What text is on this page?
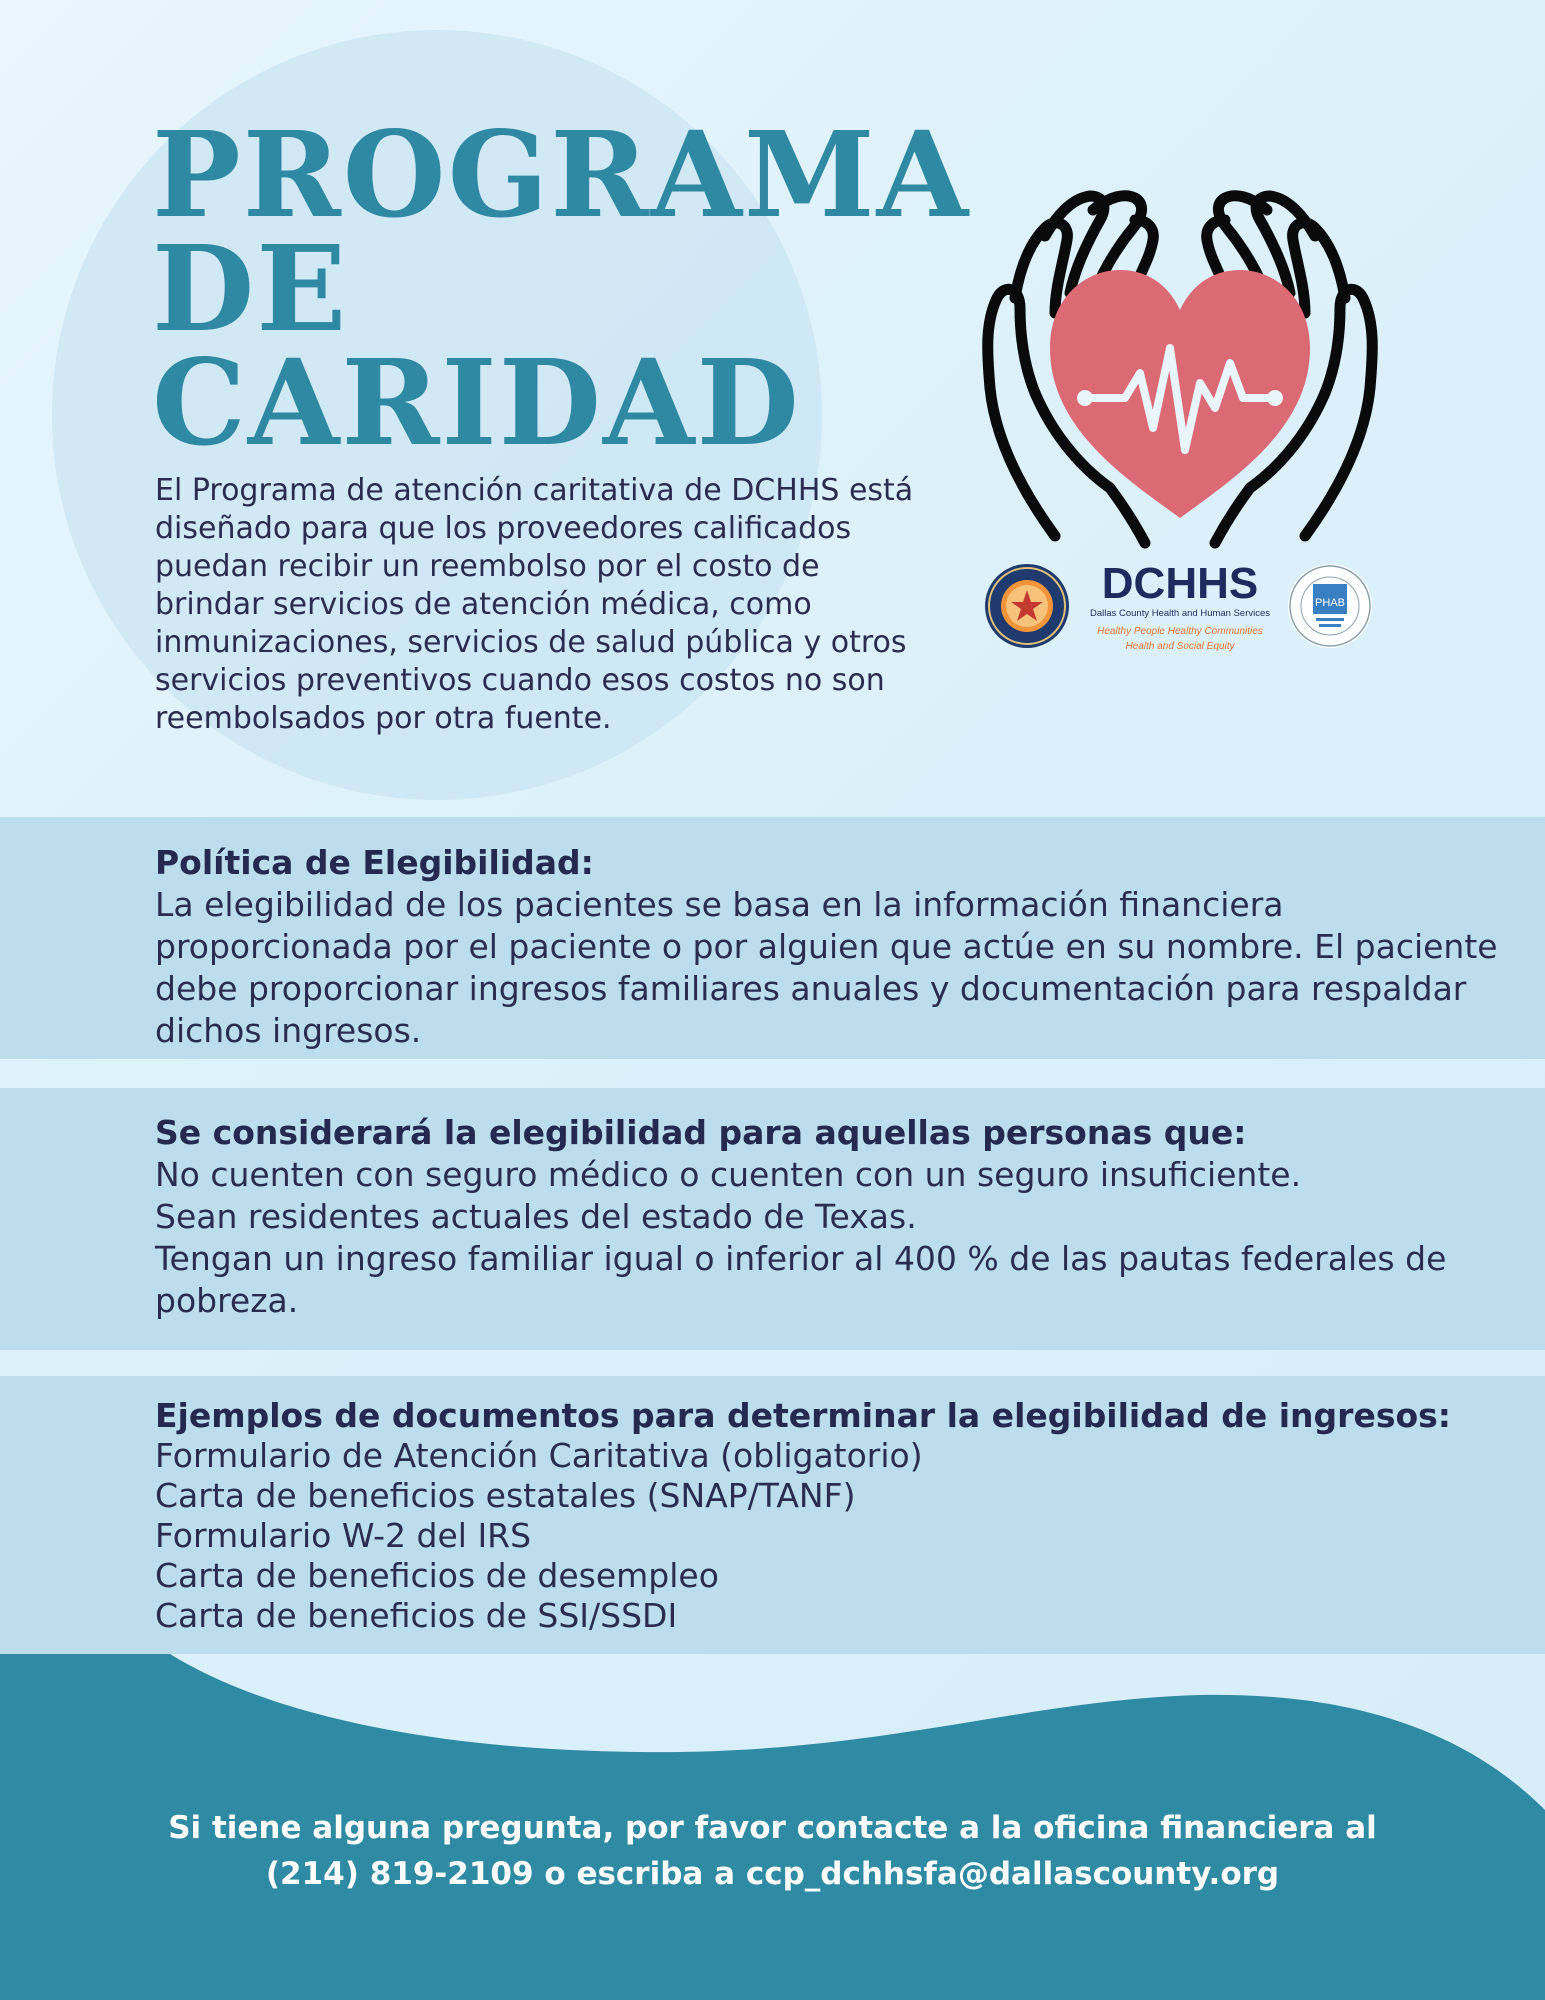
PROGRAMA
DE
CARIDAD

El Programa de atención caritativa de DCHHS está diseñado para que los proveedores calificados puedan recibir un reembolso por el costo de brindar servicios de atención médica, como inmunizaciones, servicios de salud pública y otros servicios preventivos cuando esos costos no son reembolsados por otra fuente.

DCHHS
Dallas County Health and Human Services
Healthy People Healthy Communities
Health and Social Equity
PHAB
Política de Elegibilidad:

La elegibilidad de los pacientes se basa en la información financiera proporcionada por el paciente o por alguien que actúe en su nombre. El paciente debe proporcionar ingresos familiares anuales y documentación para respaldar dichos ingresos.

Se considerará la elegibilidad para aquellas personas que:
No cuenten con seguro médico o cuenten con un seguro insuficiente.
Sean residentes actuales del estado de Texas.
Tengan un ingreso familiar igual o inferior al 400 % de las pautas federales de pobreza.
Ejemplos de documentos para determinar la elegibilidad de ingresos:
Formulario de Atención Caritativa (obligatorio)
Carta de beneficios estatales (SNAP/TANF)
Formulario W-2 del IRS
Carta de beneficios de desempleo
Carta de beneficios de SSI/SSDI
Si tiene alguna pregunta, por favor contacte a la oficina financiera al
(214) 819-2109 o escriba a ccp_dchhsfa@dallascounty.org
